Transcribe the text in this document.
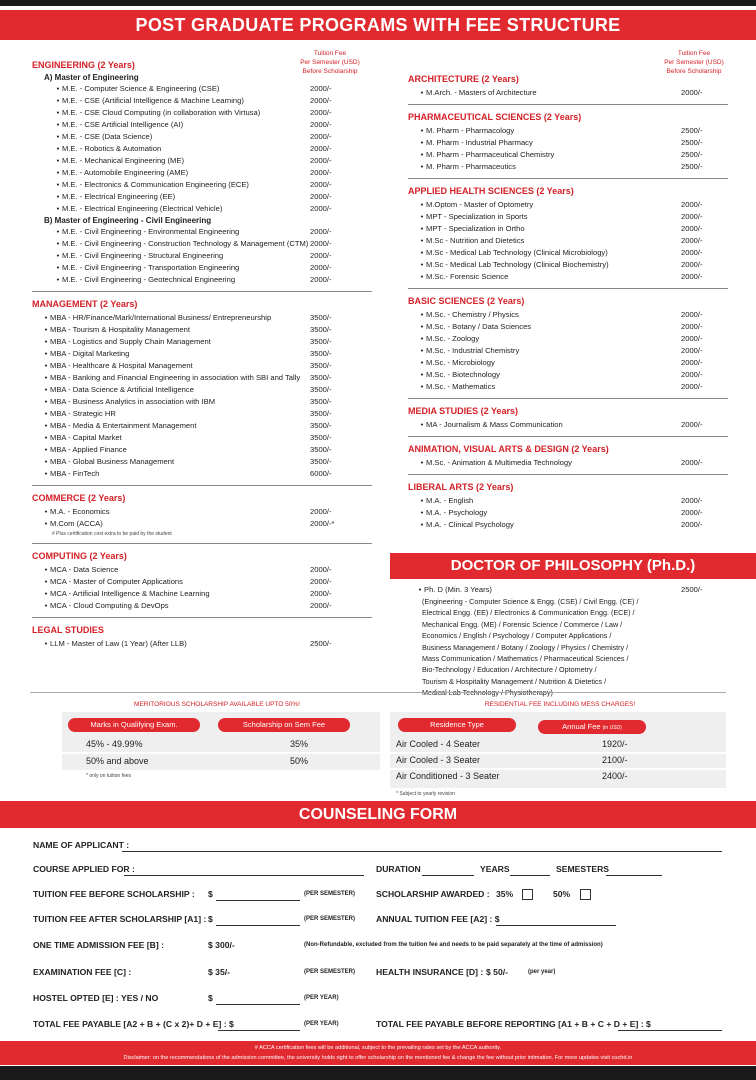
POST GRADUATE PROGRAMS WITH FEE STRUCTURE
Tuition Fee
Per Semester (USD)
Before Scholarship
Tuition Fee
Per Semester (USD)
Before Scholarship
ENGINEERING (2 Years)
A) Master of Engineering
• M.E. - Computer Science & Engineering (CSE)	2000/-
• M.E. - CSE (Artificial Intelligence & Machine Learning)	2000/-
• M.E. - CSE Cloud Computing (in collaboration with Virtusa)	2000/-
• M.E. - CSE Artificial Intelligence (AI)	2000/-
• M.E. - CSE (Data Science)	2000/-
• M.E. - Robotics & Automation	2000/-
• M.E. - Mechanical Engineering (ME)	2000/-
• M.E. - Automobile Engineering (AME)	2000/-
• M.E. - Electronics & Communication Engineering (ECE)	2000/-
• M.E. - Electrical Engineering (EE)	2000/-
• M.E. - Electrical Engineering (Electrical Vehicle)	2000/-
B) Master of Engineering - Civil Engineering
• M.E. - Civil Engineering - Environmental Engineering	2000/-
• M.E. - Civil Engineering - Construction Technology & Management (CTM) 2000/-
• M.E. - Civil Engineering - Structural Engineering	2000/-
• M.E. - Civil Engineering - Transportation Engineering	2000/-
• M.E. - Civil Engineering - Geotechnical Engineering	2000/-
MANAGEMENT (2 Years)
• MBA - HR/Finance/Mark/International Business/ Entrepreneurship	3500/-
• MBA - Tourism & Hospitality Management	3500/-
• MBA - Logistics and Supply Chain Management	3500/-
• MBA - Digital Marketing	3500/-
• MBA - Healthcare & Hospital Management	3500/-
• MBA - Banking and Financial Engineering in association with SBI and Tally	3500/-
• MBA - Data Science & Artificial Intelligence	3500/-
• MBA - Business Analytics in association with IBM	3500/-
• MBA - Strategic HR	3500/-
• MBA - Media & Entertainment Management	3500/-
• MBA - Capital Market	3500/-
• MBA - Applied Finance	3500/-
• MBA - Global Business Management	3500/-
• MBA - FinTech	6000/-
COMMERCE (2 Years)
• M.A. - Economics	2000/-
• M.Com (ACCA)	2000/-*
# Plus certification cost extra to be paid by the student
COMPUTING (2 Years)
• MCA - Data Science	2000/-
• MCA - Master of Computer Applications	2000/-
• MCA - Artificial Intelligence & Machine Learning	2000/-
• MCA - Cloud Computing & DevOps	2000/-
LEGAL STUDIES
• LLM - Master of Law (1 Year) (After LLB)	2500/-
ARCHITECTURE (2 Years)
• M.Arch. - Masters of Architecture	2000/-
PHARMACEUTICAL SCIENCES (2 Years)
• M. Pharm - Pharmacology	2500/-
• M. Pharm - Industrial Pharmacy	2500/-
• M. Pharm - Pharmaceutical Chemistry	2500/-
• M. Pharm - Pharmaceutics	2500/-
APPLIED HEALTH SCIENCES (2 Years)
• M.Optom - Master of Optometry	2000/-
• MPT - Specialization in Sports	2000/-
• MPT - Specialization in Ortho	2000/-
• M.Sc - Nutrition and Dietetics	2000/-
• M.Sc - Medical Lab Technology (Clinical Microbiology)	2000/-
• M.Sc - Medical Lab Technology (Clinical Biochemistry)	2000/-
• M.Sc.- Forensic Science	2000/-
BASIC SCIENCES (2 Years)
• M.Sc. - Chemistry / Physics	2000/-
• M.Sc. - Botany / Data Sciences	2000/-
• M.Sc. - Zoology	2000/-
• M.Sc. - Industrial Chemistry	2000/-
• M.Sc. - Microbiology	2000/-
• M.Sc. - Biotechnology	2000/-
• M.Sc. - Mathematics	2000/-
MEDIA STUDIES (2 Years)
• MA - Journalism & Mass Communication	2000/-
ANIMATION, VISUAL ARTS & DESIGN (2 Years)
• M.Sc. - Animation & Multimedia Technology	2000/-
LIBERAL ARTS (2 Years)
• M.A. - English	2000/-
• M.A. - Psychology	2000/-
• M.A. - Clinical Psychology	2000/-
DOCTOR OF PHILOSOPHY (Ph.D.)
• Ph. D (Min. 3 Years)	2500/-
(Engineering - Computer Science & Engg. (CSE) / Civil Engg. (CE) /
Electrical Engg. (EE) / Electronics & Communication Engg. (ECE) /
Mechanical Engg. (ME) / Forensic Science / Commerce / Law /
Economics / English / Psychology / Computer Applications /
Business Management / Botany / Zoology / Physics / Chemistry /
Mass Communication / Mathematics / Pharmaceutical Sciences /
Bio-Technology / Education / Architecture / Optometry /
Tourism & Hospitality Management / Nutrition & Dietetics /

MERITORIOUS SCHOLARSHIP AVAILABLE UPTO 50%!	RESIDENTIAL FEE INCLUDING MESS CHARGES!
Marks in Qualifying Exam.	Scholarship on Sem Fee	Residence Type	Annual Fee (in USD)
45% - 49.99%	35%
50% and above	50%
Air Cooled - 4 Seater	1920/-
Air Cooled - 3 Seater	2100/-
Air Conditioned - 3 Seater	2400/-
* only on tuition fees
* Subject to yearly revision
COUNSELING FORM
NAME OF APPLICANT :
COURSE APPLIED FOR :	DURATION	YEARS	SEMESTERS
TUITION FEE BEFORE SCHOLARSHIP : $	(PER SEMESTER) SCHOLARSHIP AWARDED : 35%	50%
TUITION FEE AFTER SCHOLARSHIP [A1] : $	(PER SEMESTER) ANNUAL TUITION FEE [A2] : $
ONE TIME ADMISSION FEE [B] :	$ 300/-	(Non-Refundable, excluded from the tuition fee and needs to be paid separately at the time of admission)
EXAMINATION FEE [C] :	$ 35/-	(PER SEMESTER) HEALTH INSURANCE [D] : $ 50/-	(per year)
HOSTEL OPTED [E] : YES / NO	$	(PER YEAR)
TOTAL FEE PAYABLE [A2 + B + (C x 2)+ D + E] : $	(PER YEAR)	TOTAL FEE PAYABLE BEFORE REPORTING [A1 + B + C + D + E] : $
# ACCA certification fees will be additional, subject to the prevailing rates set by the ACCA authority.
Disclaimer: on the recommendations of the admission committee, the university holds right to offer scholarship on the mentioned fee & change the fee without prior intimation. For more updates visit cuchd.in
